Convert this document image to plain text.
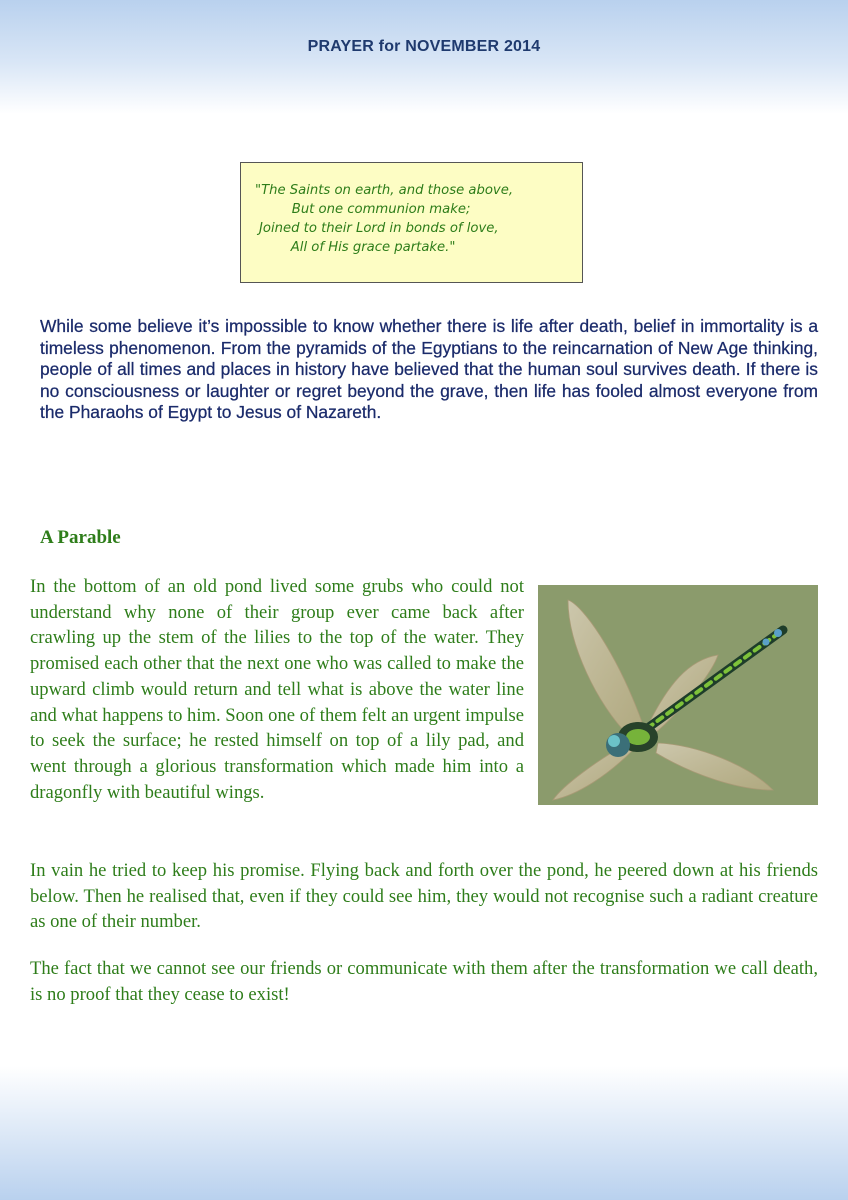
PRAYER for NOVEMBER 2014
"The Saints on earth, and those above,
But one communion make;
Joined to their Lord in bonds of love,
All of His grace partake."
While some believe it’s impossible to know whether there is life after death, belief in immortality is a timeless phenomenon. From the pyramids of the Egyptians to the reincarnation of New Age thinking, people of all times and places in history have believed that the human soul survives death. If there is no consciousness or laughter or regret beyond the grave, then life has fooled almost everyone from the Pharaohs of Egypt to Jesus of Nazareth.
A Parable
In the bottom of an old pond lived some grubs who could not understand why none of their group ever came back after crawling up the stem of the lilies to the top of the water. They promised each other that the next one who was called to make the upward climb would return and tell what is above the water line and what happens to him. Soon one of them felt an urgent impulse to seek the surface; he rested himself on top of a lily pad, and went through a glorious transformation which made him into a dragonfly with beautiful wings.
In vain he tried to keep his promise. Flying back and forth over the pond, he peered down at his friends below. Then he realised that, even if they could see him, they would not recognise such a radiant creature as one of their number.
The fact that we cannot see our friends or communicate with them after the transformation we call death, is no proof that they cease to exist!
